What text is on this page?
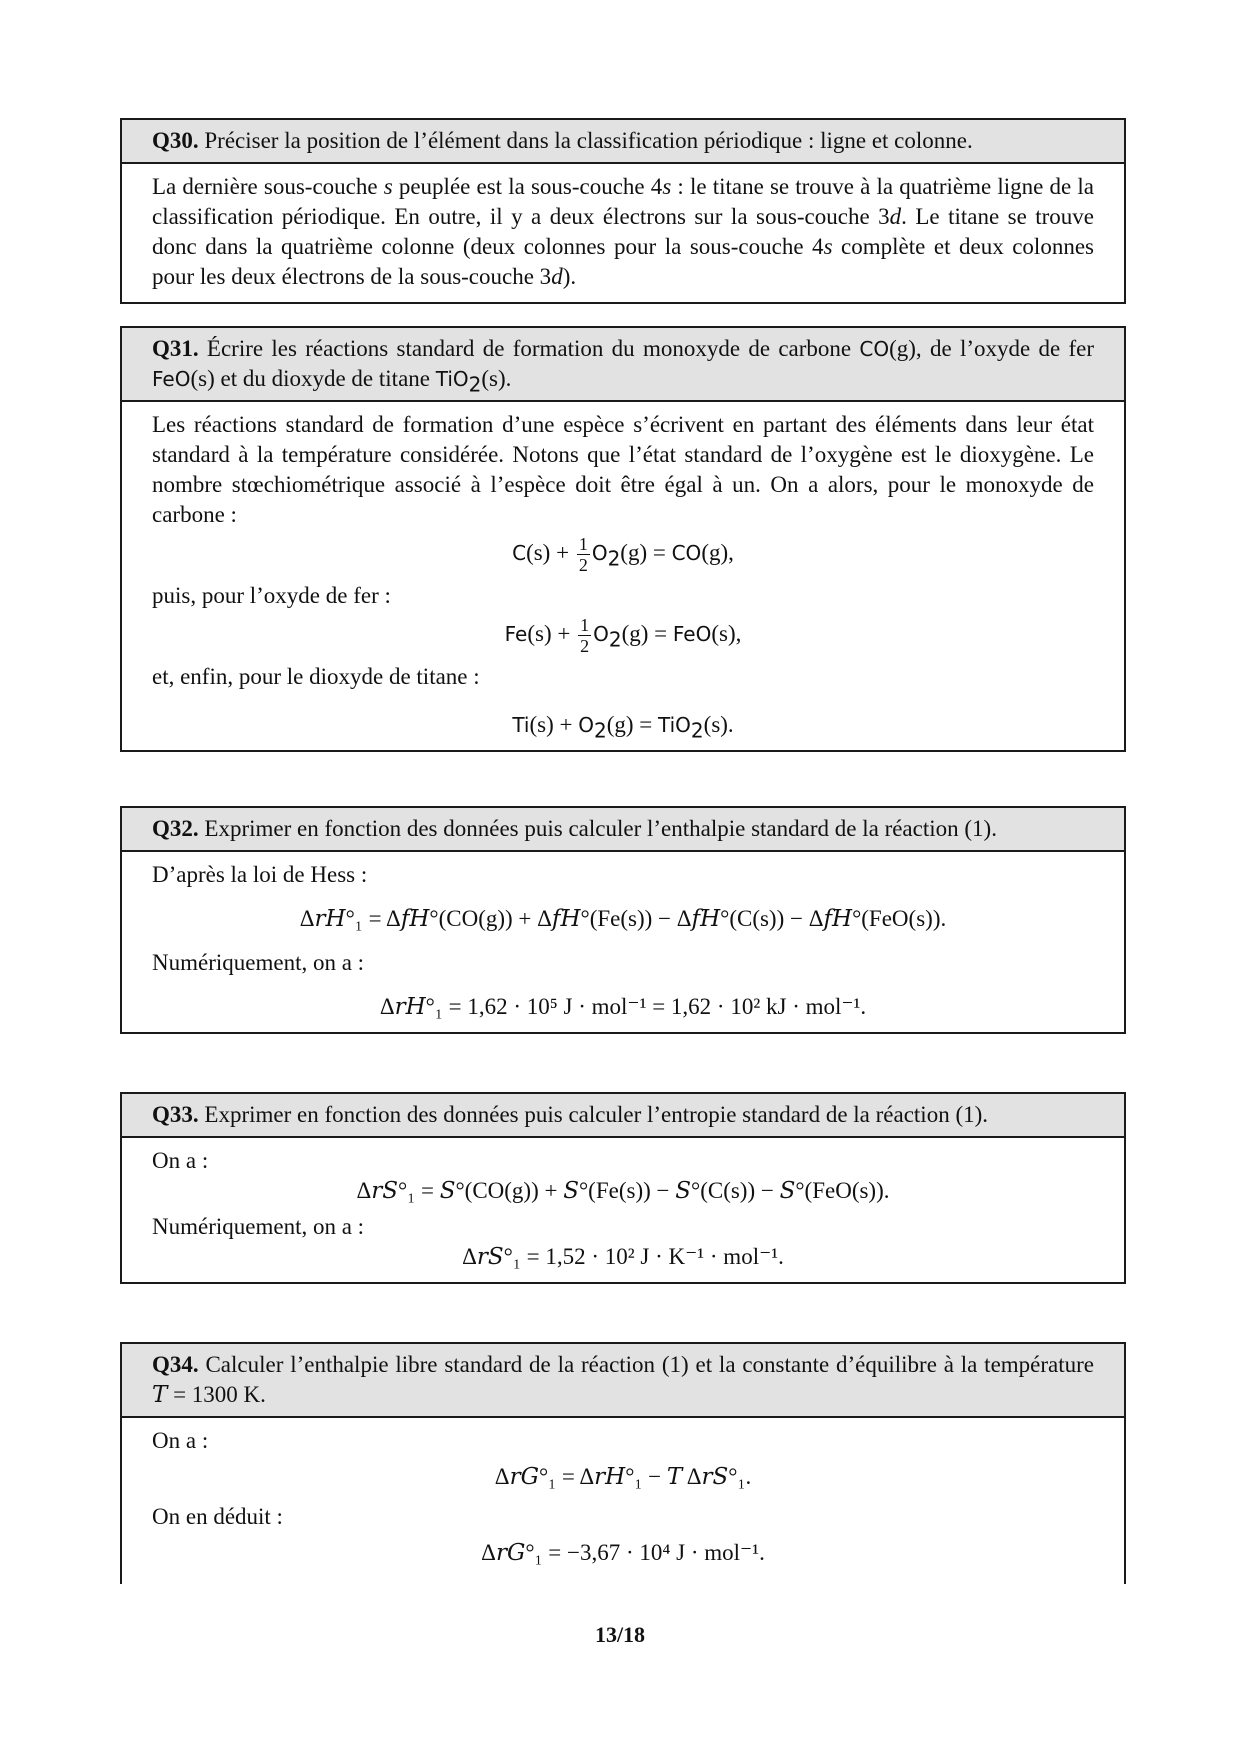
Q30. Préciser la position de l’élément dans la classification périodique : ligne et colonne.

La dernière sous-couche s peuplée est la sous-couche 4s : le titane se trouve à la quatrième ligne de la classification périodique. En outre, il y a deux électrons sur la sous-couche 3d. Le titane se trouve donc dans la quatrième colonne (deux colonnes pour la sous-couche 4s complète et deux colonnes pour les deux électrons de la sous-couche 3d).

Q31. Écrire les réactions standard de formation du monoxyde de carbone CO(g), de l’oxyde de fer FeO(s) et du dioxyde de titane TiO$_2$(s).

Les réactions standard de formation d’une espèce s’écrivent en partant des éléments dans leur état standard à la température considérée. Notons que l’état standard de l’oxygène est le dioxygène. Le nombre stœchiométrique associé à l’espèce doit être égal à un. On a alors, pour le monoxyde de carbone :

$C(s) + \frac{1}{2} O_2(g) = CO(g)$,

puis, pour l’oxyde de fer :

$Fe(s) + \frac{1}{2} O_2(g) = FeO(s)$,

et, enfin, pour le dioxyde de titane :

$Ti(s) + O_2(g) = TiO_2(s)$.

Q32. Exprimer en fonction des données puis calculer l’enthalpie standard de la réaction (1).

D’après la loi de Hess :

Δ𝑟𝐻°₁ = Δ𝑓𝐻°(CO(g)) + Δ𝑓𝐻°(Fe(s)) − Δ𝑓𝐻°(C(s)) − Δ𝑓𝐻°(FeO(s)).

Numériquement, on a :

Δ𝑟𝐻°₁ = 1,62 · 10⁵ J · mol⁻¹ = 1,62 · 10² kJ · mol⁻¹.

Q33. Exprimer en fonction des données puis calculer l’entropie standard de la réaction (1).

On a :

Δ𝑟𝑆°₁ = 𝑆°(CO(g)) + 𝑆°(Fe(s)) − 𝑆°(C(s)) − 𝑆°(FeO(s)).

Numériquement, on a :

Δ𝑟𝑆°₁ = 1,52 · 10² J · K⁻¹ · mol⁻¹.

Q34. Calculer l’enthalpie libre standard de la réaction (1) et la constante d’équilibre à la température 𝑇 = 1300 K.

On a :

Δ𝑟𝐺°₁ = Δ𝑟𝐻°₁ − 𝑇 Δ𝑟𝑆°₁.

On en déduit :

Δ𝑟𝐺°₁ = −3,67 · 10⁴ J · mol⁻¹.

13/18
